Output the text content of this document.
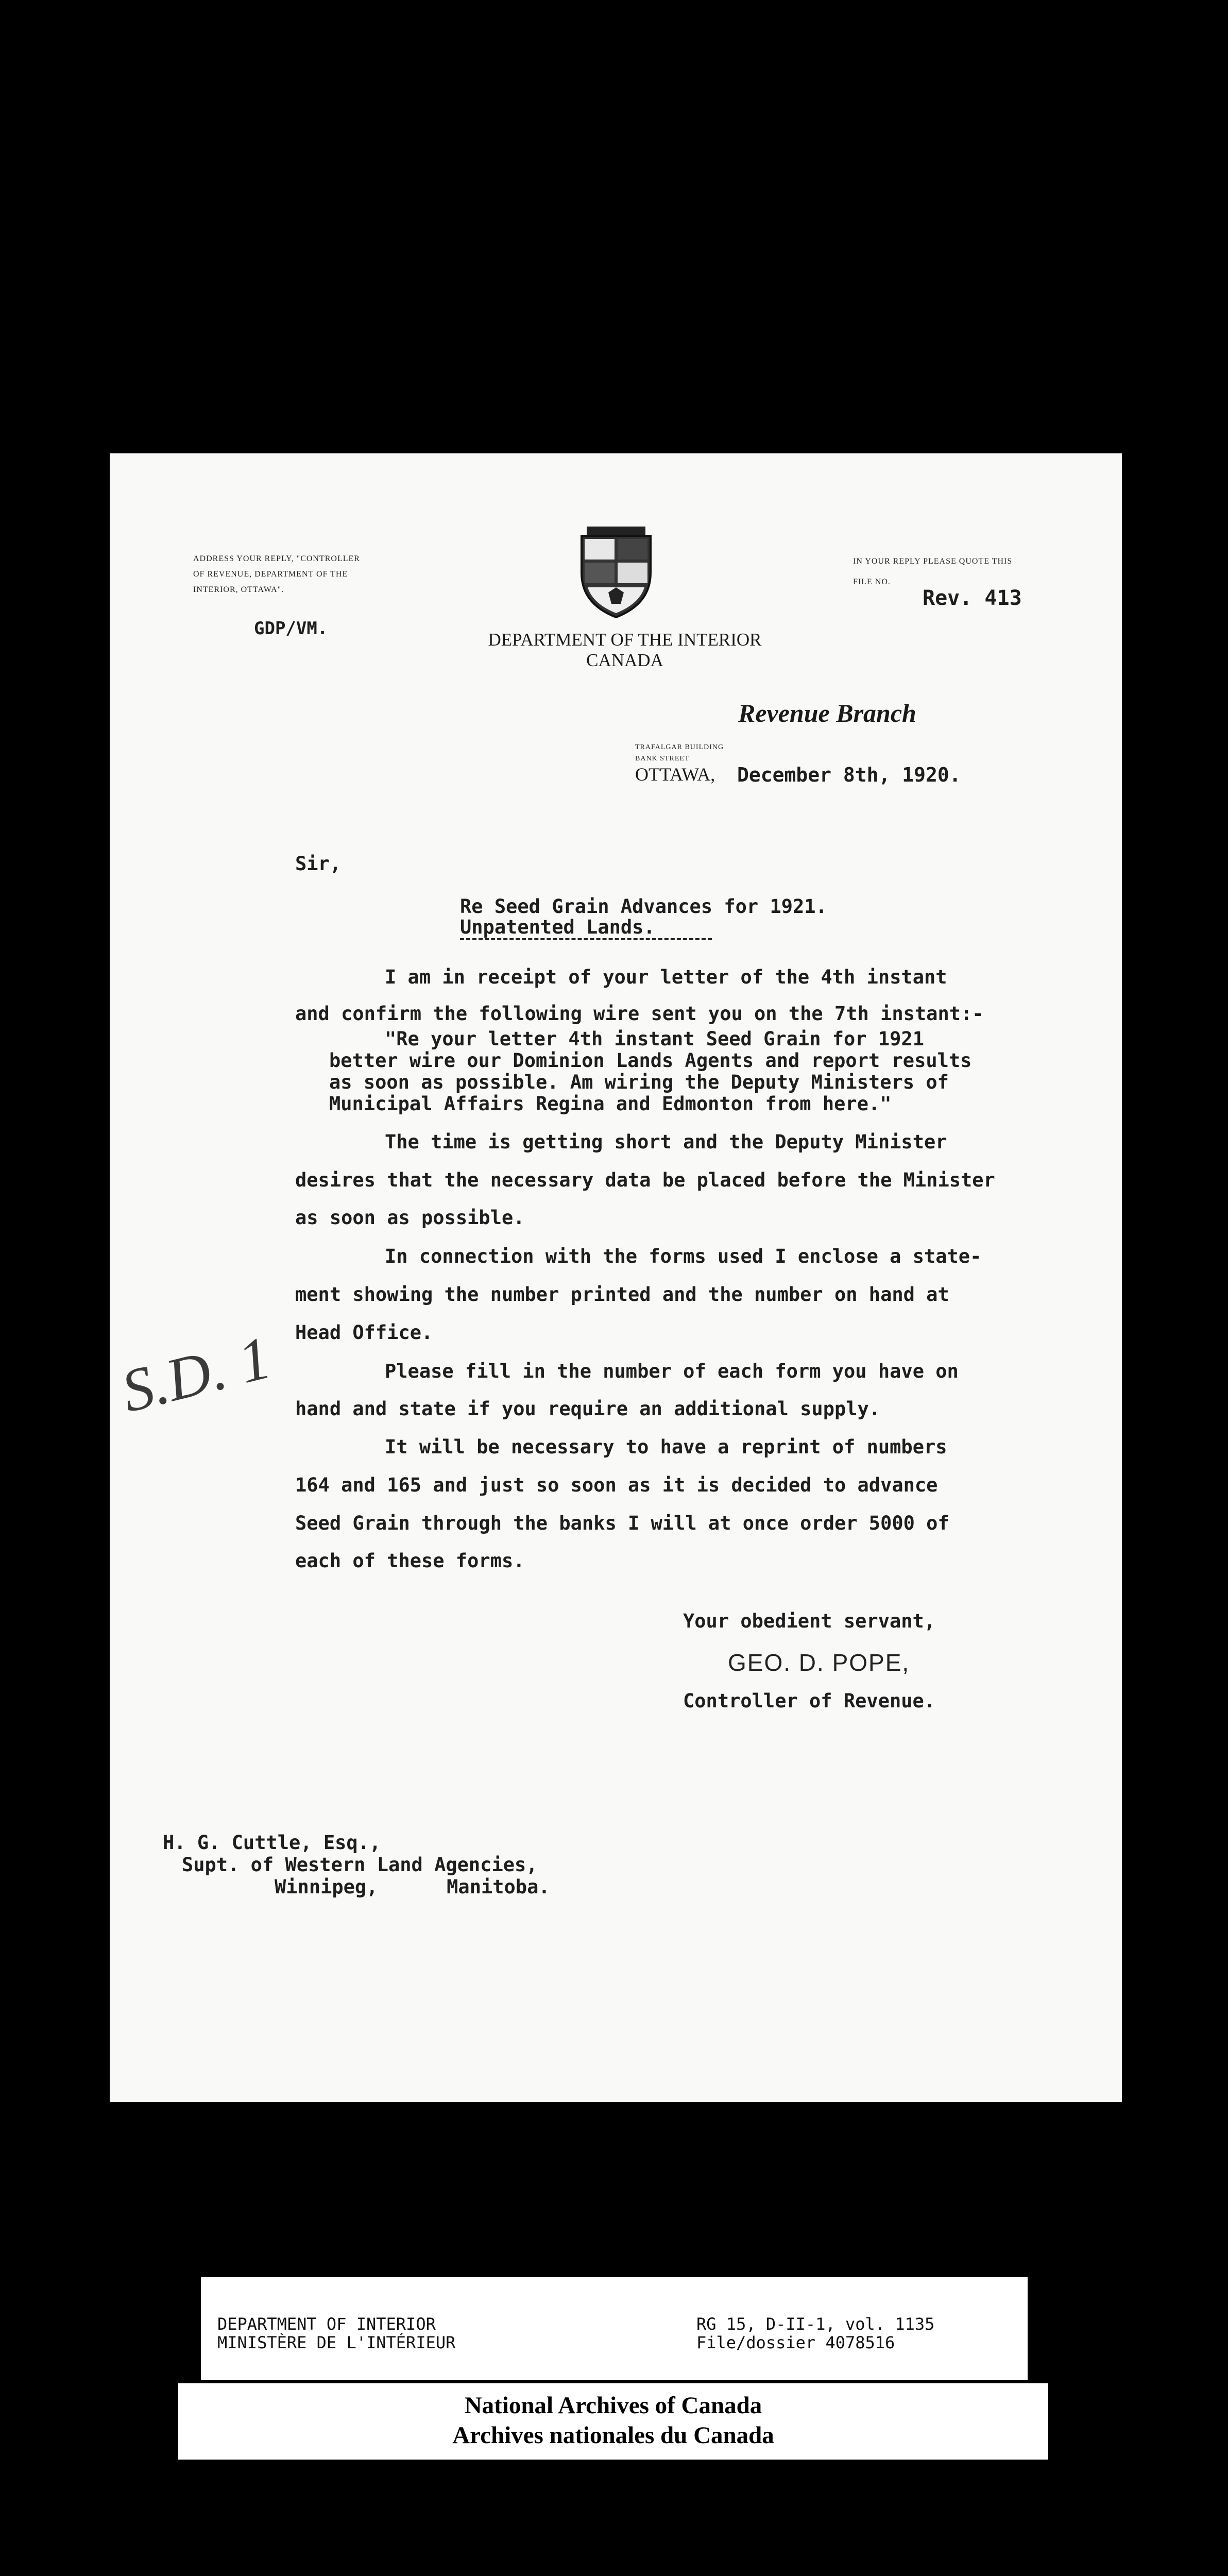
ADDRESS YOUR REPLY, "CONTROLLER
OF REVENUE, DEPARTMENT OF THE
INTERIOR, OTTAWA".
GDP/VM.
DEPARTMENT OF THE INTERIOR
CANADA
IN YOUR REPLY PLEASE QUOTE THIS
FILE NO.
Rev. 413
Revenue Branch
TRAFALGAR BUILDING
BANK STREET
OTTAWA, December 8th, 1920.
Sir,
Re Seed Grain Advances for 1921.
Unpatented Lands.
I am in receipt of your letter of the 4th instant
and confirm the following wire sent you on the 7th instant:-
"Re your letter 4th instant Seed Grain for 1921
better wire our Dominion Lands Agents and report results
as soon as possible. Am wiring the Deputy Ministers of
Municipal Affairs Regina and Edmonton from here."
The time is getting short and the Deputy Minister
desires that the necessary data be placed before the Minister
as soon as possible.
In connection with the forms used I enclose a state-
ment showing the number printed and the number on hand at
Head Office.
Please fill in the number of each form you have on
hand and state if you require an additional supply.
It will be necessary to have a reprint of numbers
164 and 165 and just so soon as it is decided to advance
Seed Grain through the banks I will at once order 5000 of
each of these forms.
S.D. 1
Your obedient servant,
GEO. D. POPE,
Controller of Revenue.
H. G. Cuttle, Esq.,
Supt. of Western Land Agencies,
Winnipeg,      Manitoba.
DEPARTMENT OF INTERIOR
MINISTÈRE DE L'INTÉRIEUR
RG 15, D-II-1, vol. 1135
File/dossier 4078516
National Archives of Canada
Archives nationales du Canada
